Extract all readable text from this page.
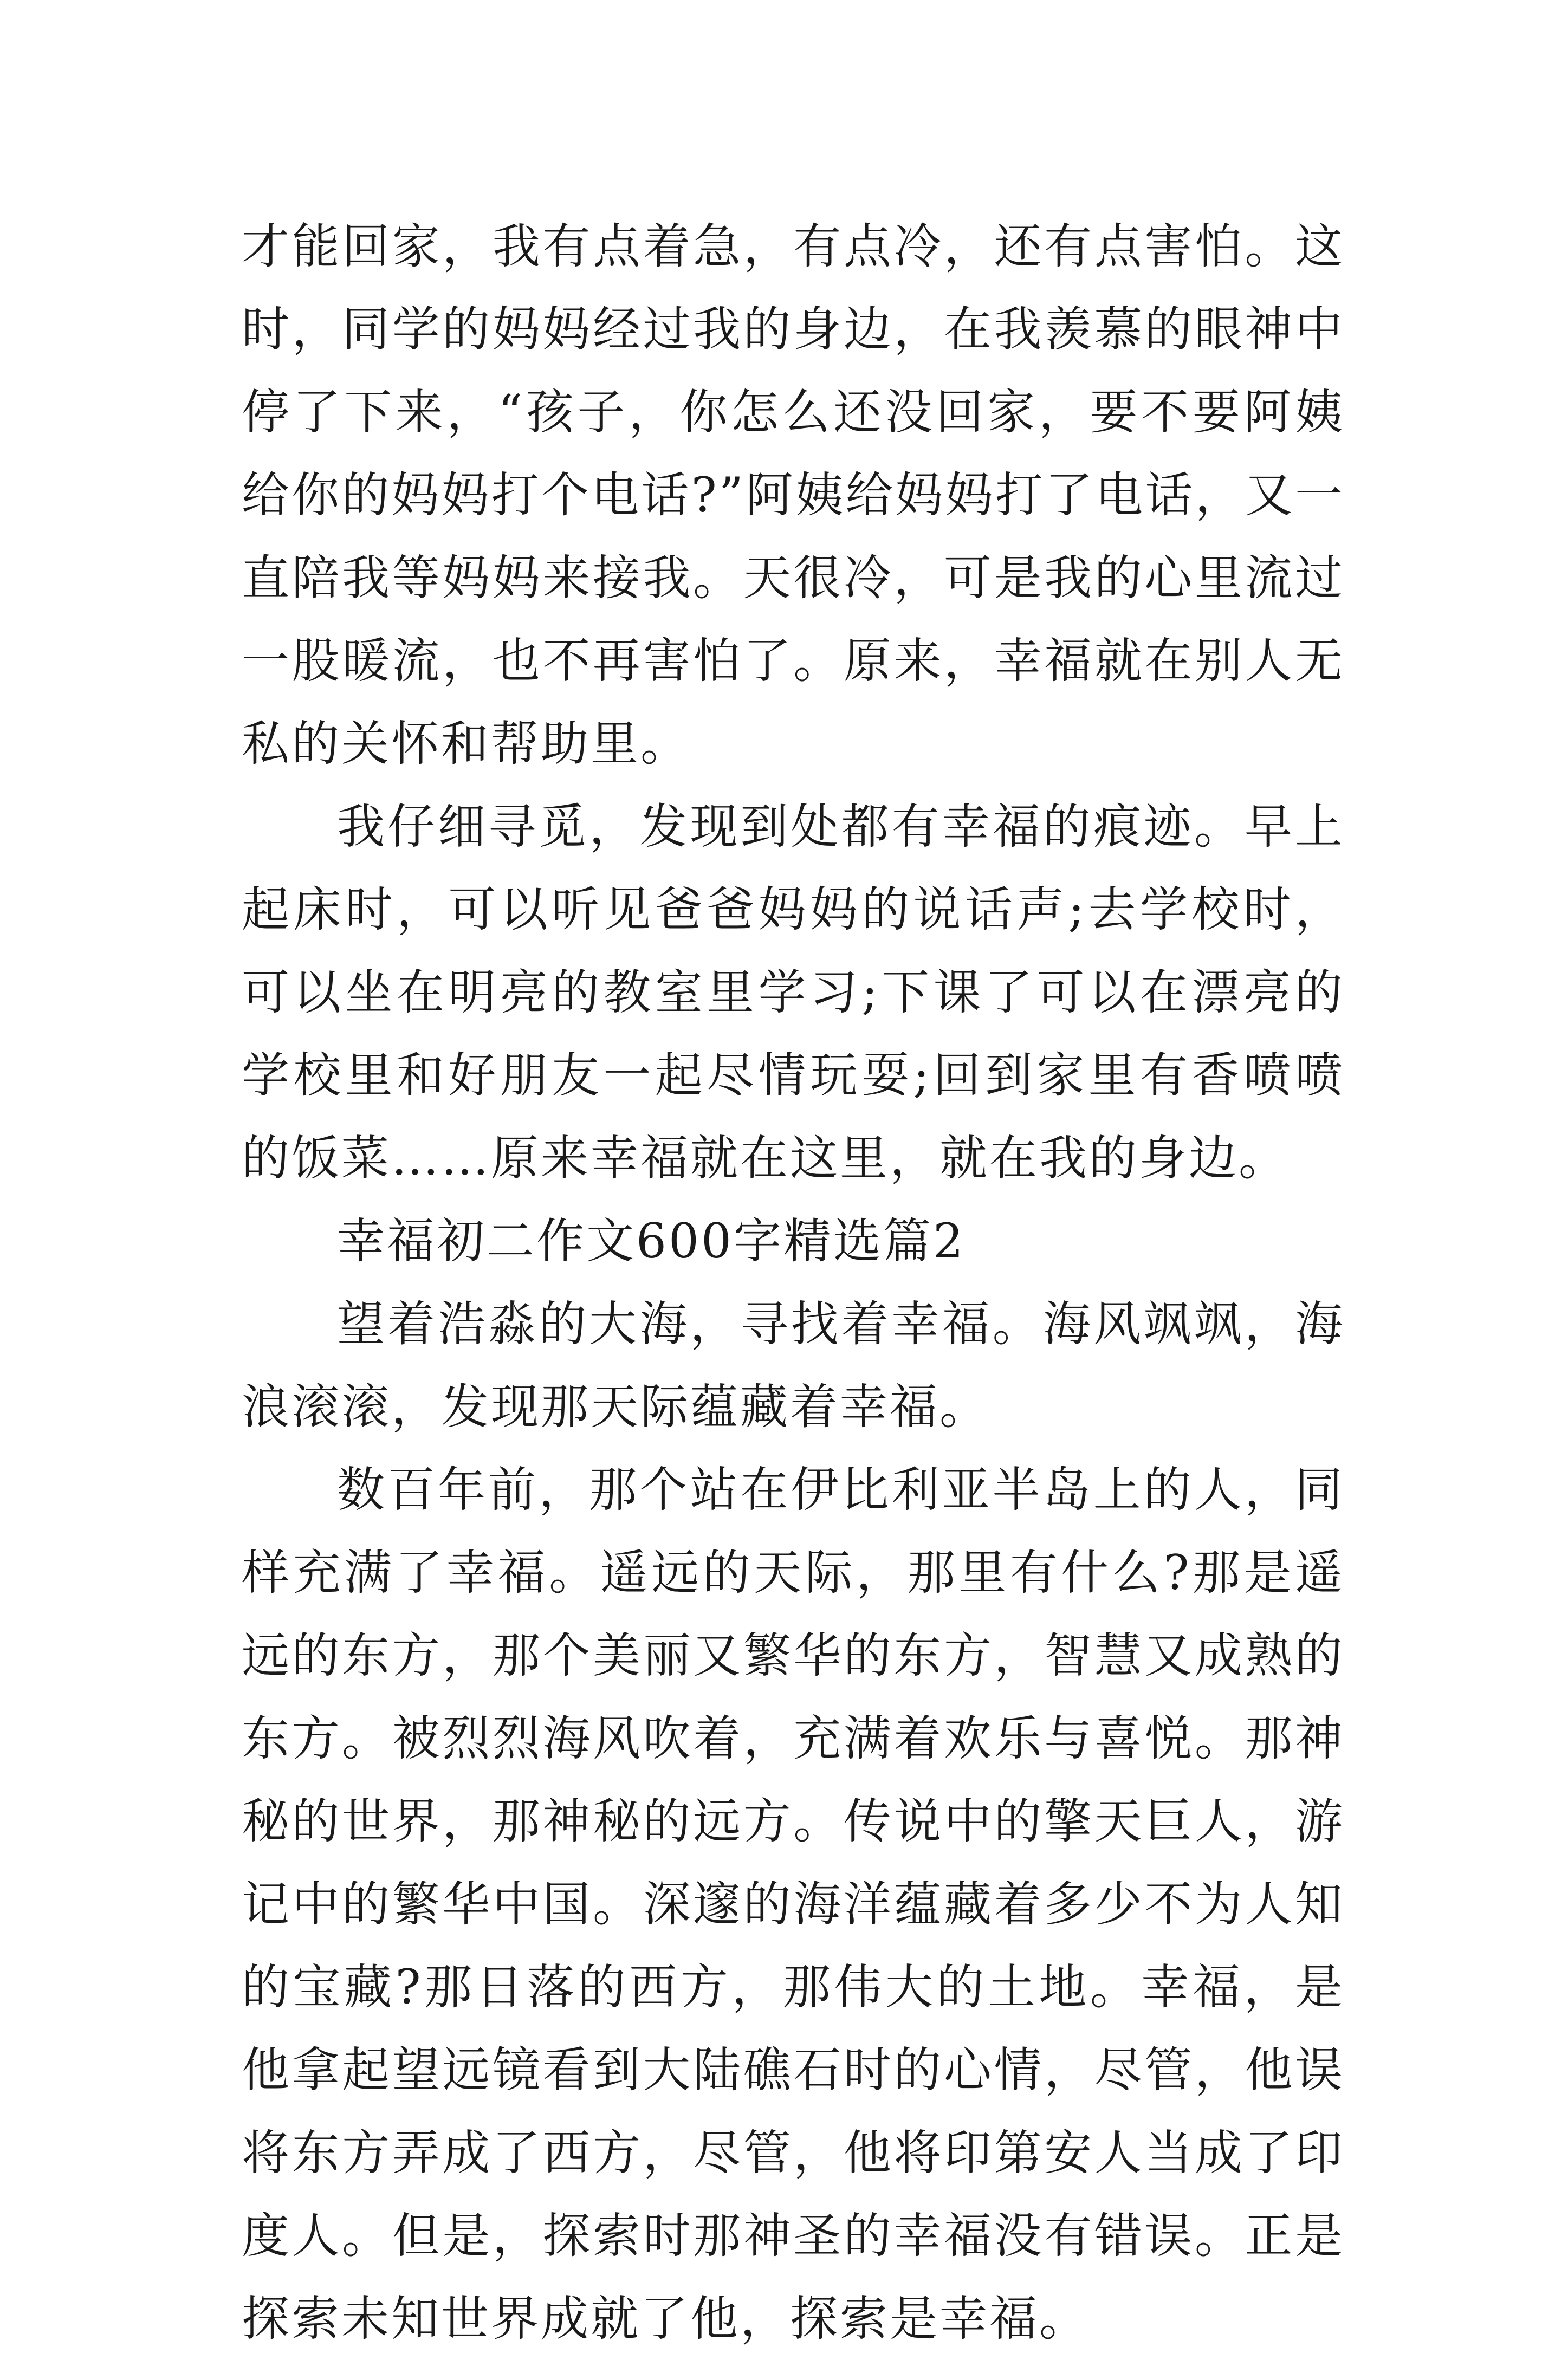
才能回家，我有点着急，有点冷，还有点害怕。这时，同学的妈妈经过我的身边，在我羡慕的眼神中停了下来，“孩子，你怎么还没回家，要不要阿姨给你的妈妈打个电话?”阿姨给妈妈打了电话，又一直陪我等妈妈来接我。天很冷，可是我的心里流过一股暖流，也不再害怕了。原来，幸福就在别人无私的关怀和帮助里。

我仔细寻觅，发现到处都有幸福的痕迹。早上起床时，可以听见爸爸妈妈的说话声;去学校时，可以坐在明亮的教室里学习;下课了可以在漂亮的学校里和好朋友一起尽情玩耍;回到家里有香喷喷的饭菜……原来幸福就在这里，就在我的身边。

幸福初二作文600字精选篇2

望着浩淼的大海，寻找着幸福。海风飒飒，海浪滚滚，发现那天际蕴藏着幸福。

数百年前，那个站在伊比利亚半岛上的人，同样充满了幸福。遥远的天际，那里有什么?那是遥远的东方，那个美丽又繁华的东方，智慧又成熟的东方。被烈烈海风吹着，充满着欢乐与喜悦。那神秘的世界，那神秘的远方。传说中的擎天巨人，游记中的繁华中国。深邃的海洋蕴藏着多少不为人知的宝藏?那日落的西方，那伟大的土地。幸福，是他拿起望远镜看到大陆礁石时的心情，尽管，他误将东方弄成了西方，尽管，他将印第安人当成了印度人。但是，探索时那神圣的幸福没有错误。正是探索未知世界成就了他，探索是幸福。
